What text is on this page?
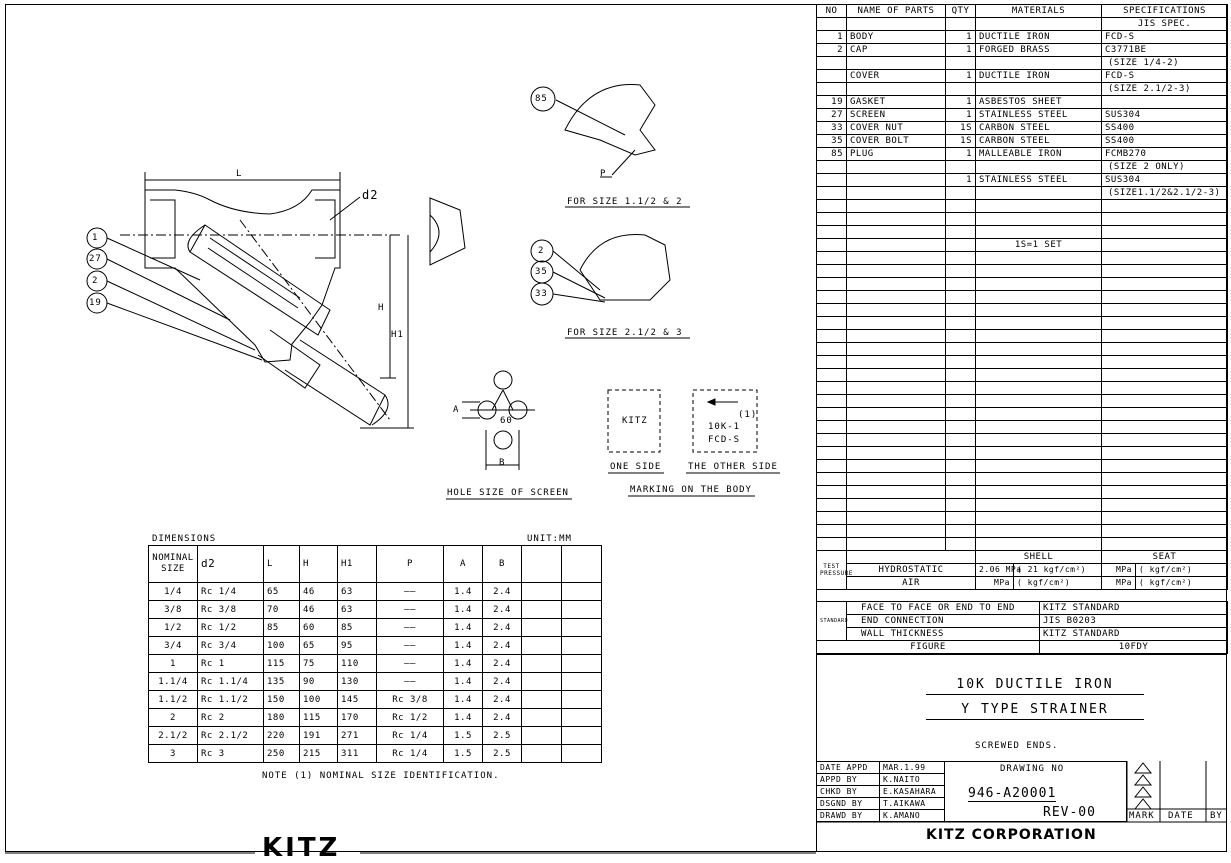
L
d2
H
H1
1
27
2
19
85
P
FOR SIZE 1.1/2 & 2
2
35
33
FOR SIZE 2.1/2 & 3
A
60
B
HOLE SIZE OF SCREEN
KITZ
(1)
10K-1
FCD-S
ONE SIDE	THE OTHER SIDE
MARKING ON THE BODY
DIMENSIONS	UNIT:MM
NOMINAL SIZE	d2	L	H	H1	P	A	B		
1/4	Rc 1/4	65	46	63	——	1.4	2.4		
3/8	Rc 3/8	70	46	63	——	1.4	2.4		
1/2	Rc 1/2	85	60	85	——	1.4	2.4		
3/4	Rc 3/4	100	65	95	——	1.4	2.4		
1	Rc 1	115	75	110	——	1.4	2.4		
1.1/4	Rc 1.1/4	135	90	130	——	1.4	2.4		
1.1/2	Rc 1.1/2	150	100	145	Rc 3/8	1.4	2.4		
2	Rc 2	180	115	170	Rc 1/2	1.4	2.4		
2.1/2	Rc 2.1/2	220	191	271	Rc 1/4	1.5	2.5		
3	Rc 3	250	215	311	Rc 1/4	1.5	2.5		
NOTE (1) NOMINAL SIZE IDENTIFICATION.
KITZ
NO	NAME OF PARTS	QTY	MATERIALS	SPECIFICATIONS
				JIS SPEC.
1	BODY	1	DUCTILE IRON	FCD-S
2	CAP	1	FORGED BRASS	C3771BE
				(SIZE 1/4-2)
	COVER	1	DUCTILE IRON	FCD-S
				(SIZE 2.1/2-3)
19	GASKET	1	ASBESTOS SHEET	
27	SCREEN	1	STAINLESS STEEL	SUS304
33	COVER NUT	1S	CARBON STEEL	SS400
35	COVER BOLT	1S	CARBON STEEL	SS400
85	PLUG	1	MALLEABLE IRON	FCMB270
				(SIZE 2 ONLY)
		1	STAINLESS STEEL	SUS304
				(SIZE1.1/2&2.1/2-3)

			1S=1 SET	

TEST PRESSURE		SHELL		SEAT	
	HYDROSTATIC	2.06 MPa	( 21 kgf/cm²)	MPa	( kgf/cm²)
	AIR	MPa	( kgf/cm²)	MPa	( kgf/cm²)
STANDARD	FACE TO FACE OR END TO END	KITZ STANDARD
	END CONNECTION	JIS B0203
	WALL THICKNESS	KITZ STANDARD
FIGURE		10FDY
10K DUCTILE IRON
Y TYPE STRAINER
SCREWED ENDS.
DATE APPD	MAR.1.99
APPD BY	K.NAITO
CHKD BY	E.KASAHARA
DSGND BY	T.AIKAWA
DRAWD BY	K.AMANO
DRAWING NO
946-A20001
REV-00	MARK DATE BY
KITZ CORPORATION
